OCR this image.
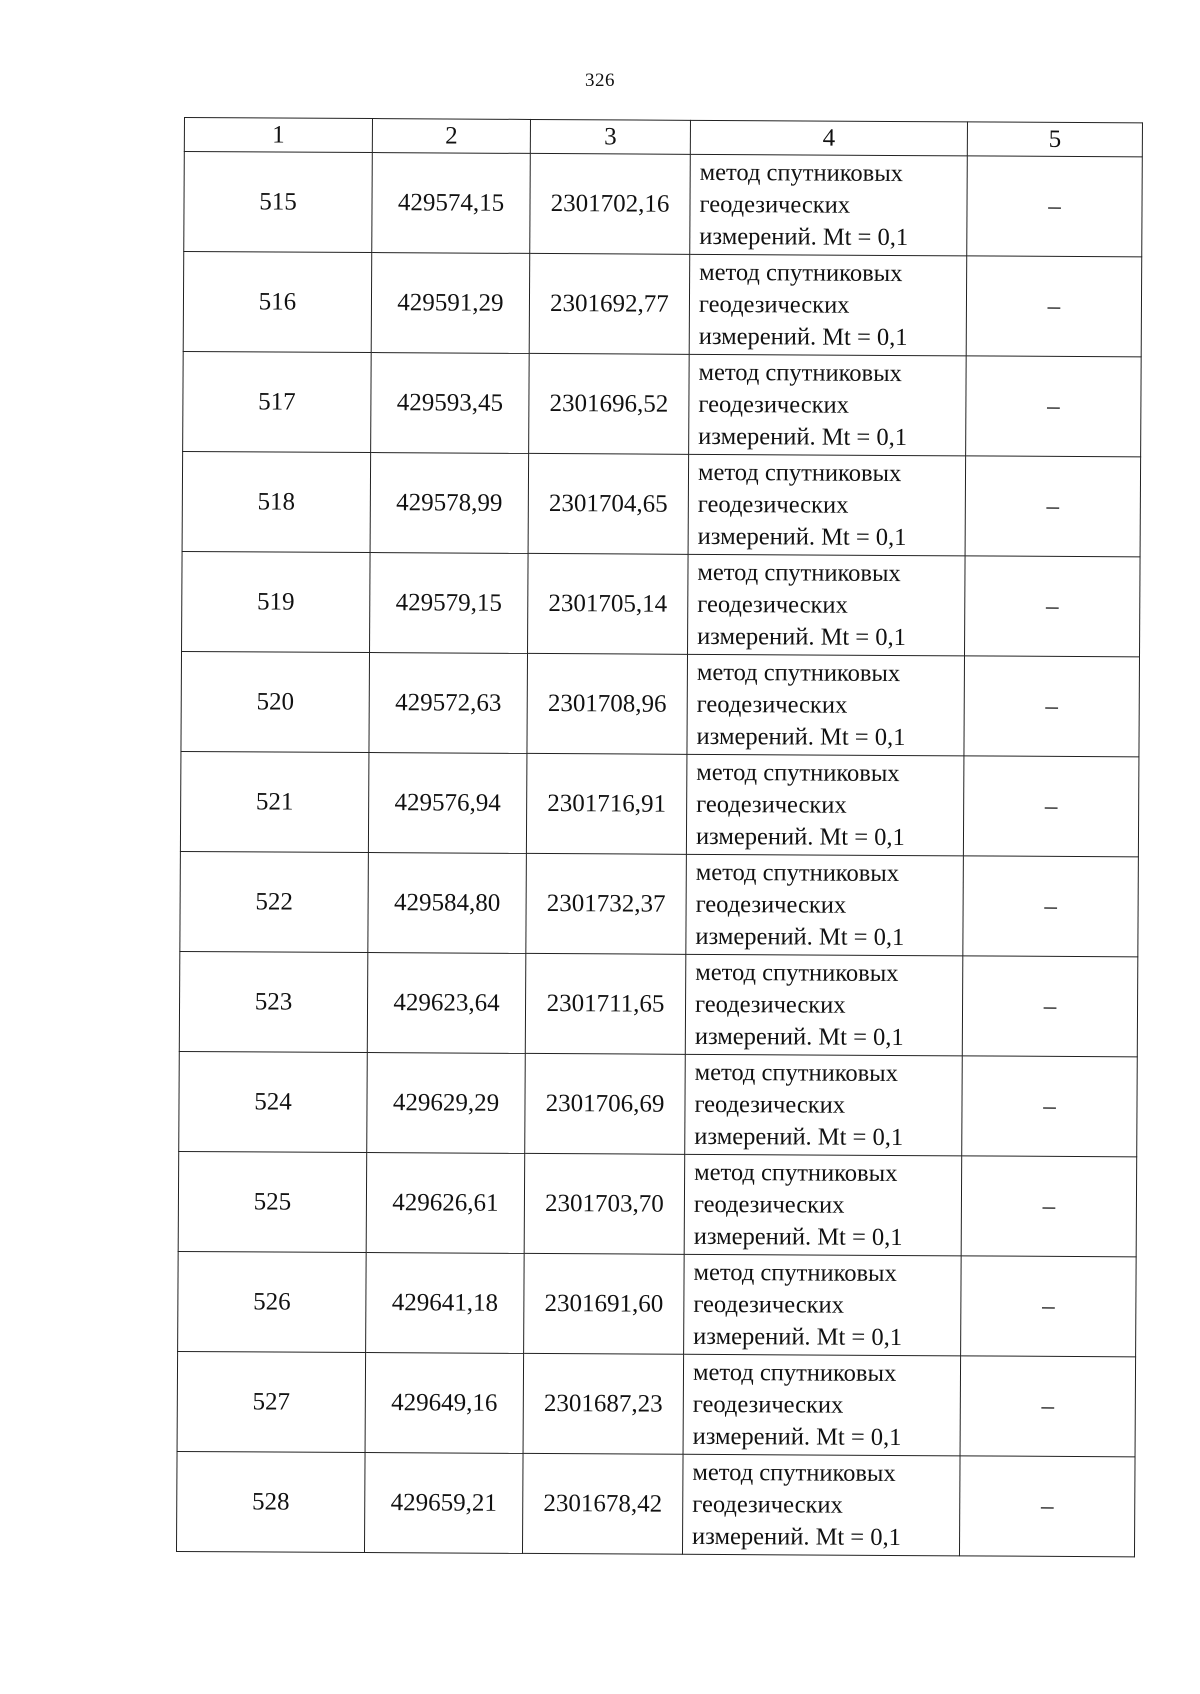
326
1	2	3	4	5
515	429574,15	2301702,16	метод спутниковых
геодезических
измерений. Mt = 0,1	–
516	429591,29	2301692,77	метод спутниковых
геодезических
измерений. Mt = 0,1	–
517	429593,45	2301696,52	метод спутниковых
геодезических
измерений. Mt = 0,1	–
518	429578,99	2301704,65	метод спутниковых
геодезических
измерений. Mt = 0,1	–
519	429579,15	2301705,14	метод спутниковых
геодезических
измерений. Mt = 0,1	–
520	429572,63	2301708,96	метод спутниковых
геодезических
измерений. Mt = 0,1	–
521	429576,94	2301716,91	метод спутниковых
геодезических
измерений. Mt = 0,1	–
522	429584,80	2301732,37	метод спутниковых
геодезических
измерений. Mt = 0,1	–
523	429623,64	2301711,65	метод спутниковых
геодезических
измерений. Mt = 0,1	–
524	429629,29	2301706,69	метод спутниковых
геодезических
измерений. Mt = 0,1	–
525	429626,61	2301703,70	метод спутниковых
геодезических
измерений. Mt = 0,1	–
526	429641,18	2301691,60	метод спутниковых
геодезических
измерений. Mt = 0,1	–
527	429649,16	2301687,23	метод спутниковых
геодезических
измерений. Mt = 0,1	–
528	429659,21	2301678,42	метод спутниковых
геодезических
измерений. Mt = 0,1	–
